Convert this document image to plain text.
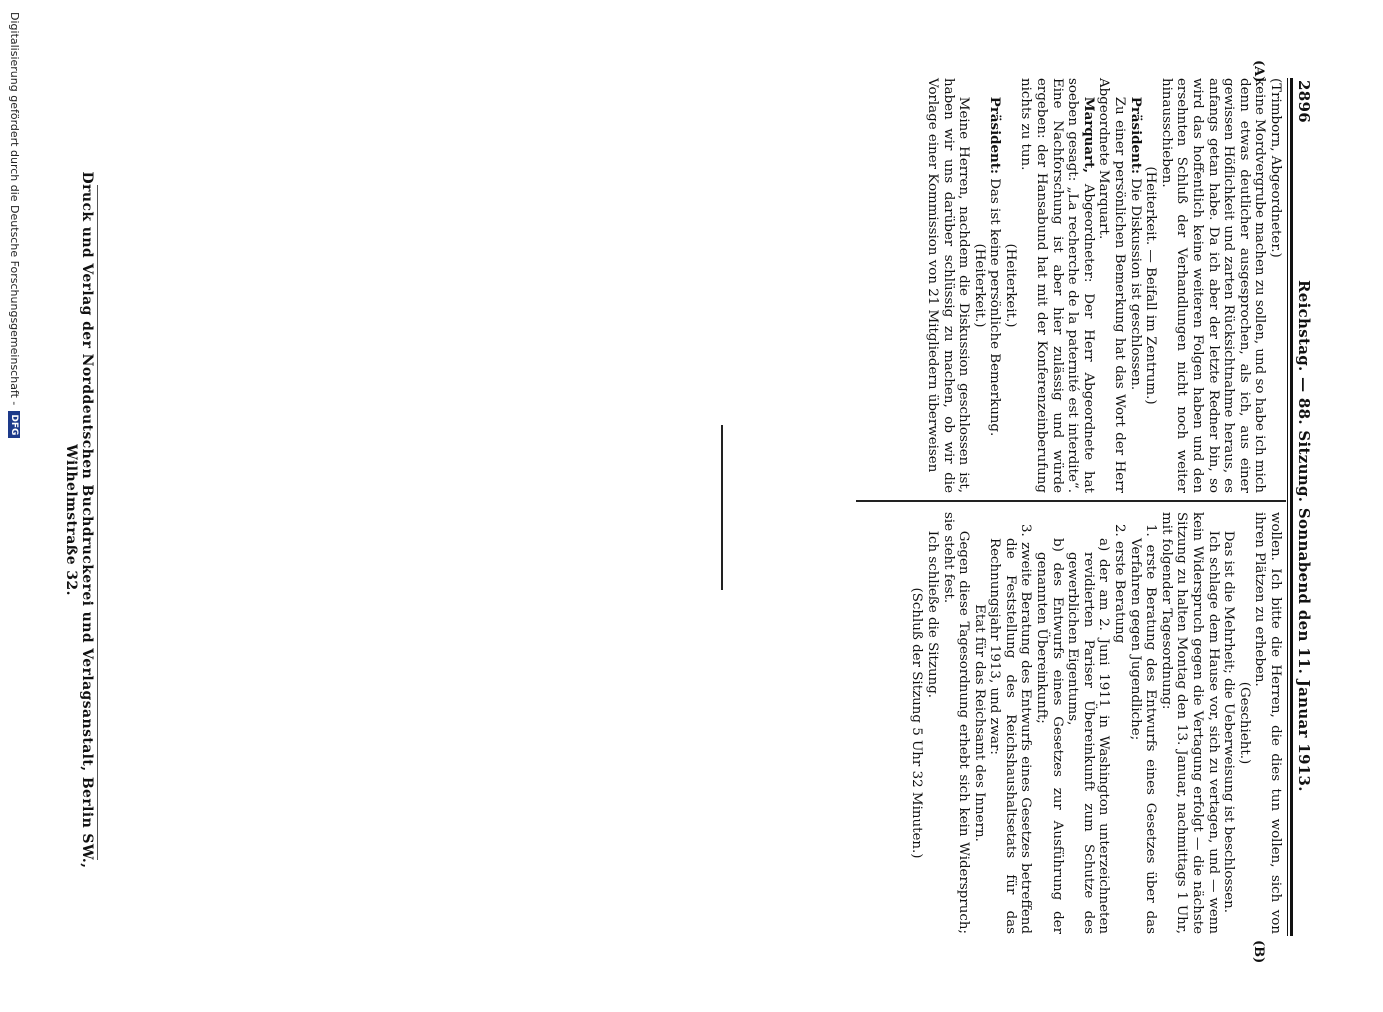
2896
Reichstag. — 88. Sitzung. Sonnabend den 11. Januar 1913.
(A)
(B)

(Trimborn, Abgeordneter.)

keine Mordvergrube machen zu sollen, und so habe ich mich denn etwas deutlicher ausgesprochen, als ich, aus einer gewissen Höflichkeit und zarten Rücksichtnahme heraus, es anfangs getan habe. Da ich aber der letzte Redner bin, so wird das hoffentlich keine weiteren Folgen haben und den ersehnten Schluß der Verhandlungen nicht noch weiter hinausschieben.

(Heiterkeit. — Beifall im Zentrum.)

Präsident: Die Diskussion ist geschlossen.

Zu einer persönlichen Bemerkung hat das Wort der Herr Abgeordnete Marquart.

Marquart, Abgeordneter: Der Herr Abgeordnete hat soeben gesagt: „La recherche de la paternité est interdite“. Eine Nachforschung ist aber hier zulässig und würde ergeben: der Hansabund hat mit der Konferenzeinberufung nichts zu tun.

(Heiterkeit.)

Präsident: Das ist keine persönliche Bemerkung.

(Heiterkeit.)

Meine Herren, nachdem die Diskussion geschlossen ist, haben wir uns darüber schlüssig zu machen, ob wir die Vorlage einer Kommission von 21 Mitgliedern überweisen

wollen. Ich bitte die Herren, die dies tun wollen, sich von ihren Plätzen zu erheben.

(Geschieht.)

Das ist die Mehrheit; die Ueberweisung ist beschlossen.

Ich schlage dem Hause vor, sich zu vertagen, und — wenn kein Widerspruch gegen die Vertagung erfolgt — die nächste Sitzung zu halten Montag den 13. Januar, nachmittags 1 Uhr, mit folgender Tagesordnung:

1. erste Beratung des Entwurfs eines Gesetzes über das Verfahren gegen Jugendliche;

2. erste Beratung

a) der am 2. Juni 1911 in Washington unterzeichneten revidierten Pariser Übereinkunft zum Schutze des gewerblichen Eigentums,

b) des Entwurfs eines Gesetzes zur Ausführung der genannten Übereinkunft;

3. zweite Beratung des Entwurfs eines Gesetzes betreffend die Feststellung des Reichshaushaltsetats für das Rechnungsjahr 1913, und zwar:

Etat für das Reichsamt des Innern.

Gegen diese Tagesordnung erhebt sich kein Widerspruch; sie steht fest.

Ich schließe die Sitzung.

(Schluß der Sitzung 5 Uhr 32 Minuten.)

Druck und Verlag der Norddeutschen Buchdruckerei und Verlagsanstalt, Berlin SW., Wilhelmstraße 32.
Digitalisierung gefördert durch die Deutsche Forschungsgemeinschaft -
DFG
